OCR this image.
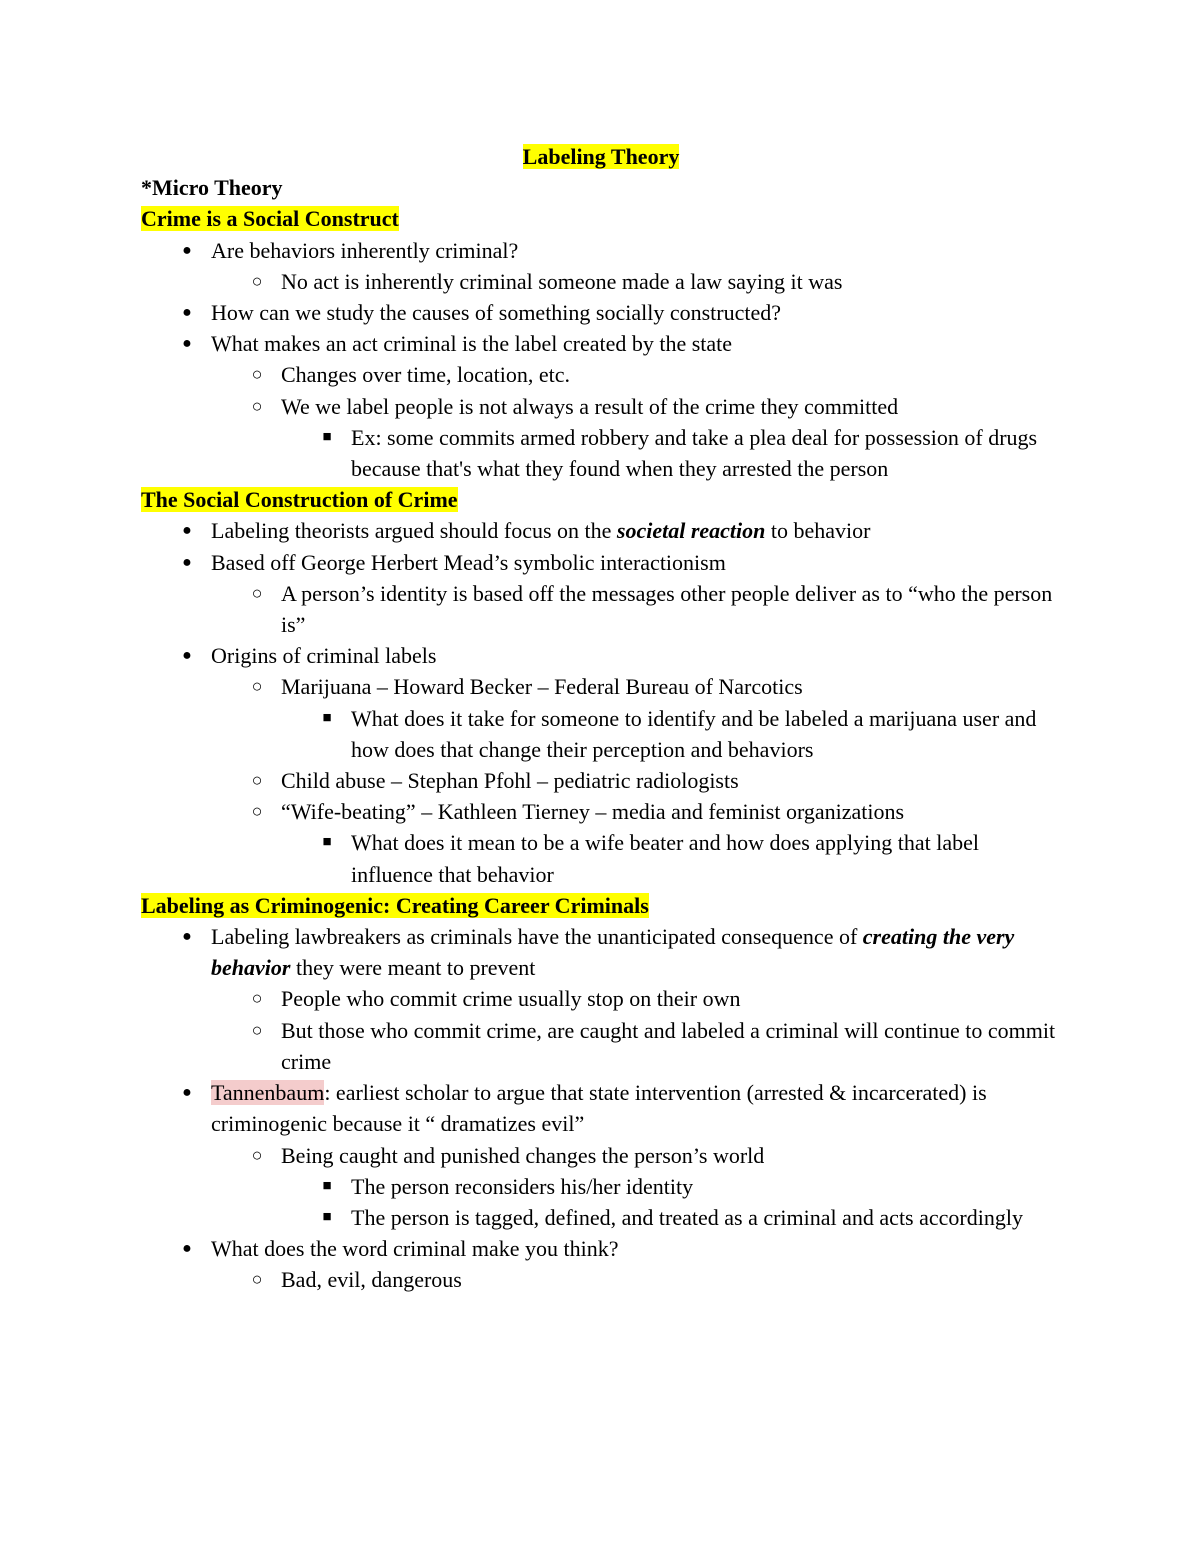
Labeling Theory

*Micro Theory

Crime is a Social Construct

● Are behaviors inherently criminal?
○ No act is inherently criminal someone made a law saying it was
● How can we study the causes of something socially constructed?
● What makes an act criminal is the label created by the state
○ Changes over time, location, etc.
○ We we label people is not always a result of the crime they committed
■ Ex: some commits armed robbery and take a plea deal for possession of drugs because that's what they found when they arrested the person

The Social Construction of Crime

● Labeling theorists argued should focus on the societal reaction to behavior
● Based off George Herbert Mead’s symbolic interactionism
○ A person’s identity is based off the messages other people deliver as to “who the person is”
● Origins of criminal labels
○ Marijuana – Howard Becker – Federal Bureau of Narcotics
■ What does it take for someone to identify and be labeled a marijuana user and how does that change their perception and behaviors
○ Child abuse – Stephan Pfohl – pediatric radiologists
○ “Wife-beating” – Kathleen Tierney – media and feminist organizations
■ What does it mean to be a wife beater and how does applying that label influence that behavior

Labeling as Criminogenic: Creating Career Criminals

● Labeling lawbreakers as criminals have the unanticipated consequence of creating the very behavior they were meant to prevent
○ People who commit crime usually stop on their own
○ But those who commit crime, are caught and labeled a criminal will continue to commit crime
● Tannenbaum: earliest scholar to argue that state intervention (arrested & incarcerated) is criminogenic because it “ dramatizes evil”
○ Being caught and punished changes the person’s world
■ The person reconsiders his/her identity
■ The person is tagged, defined, and treated as a criminal and acts accordingly
● What does the word criminal make you think?
○ Bad, evil, dangerous
